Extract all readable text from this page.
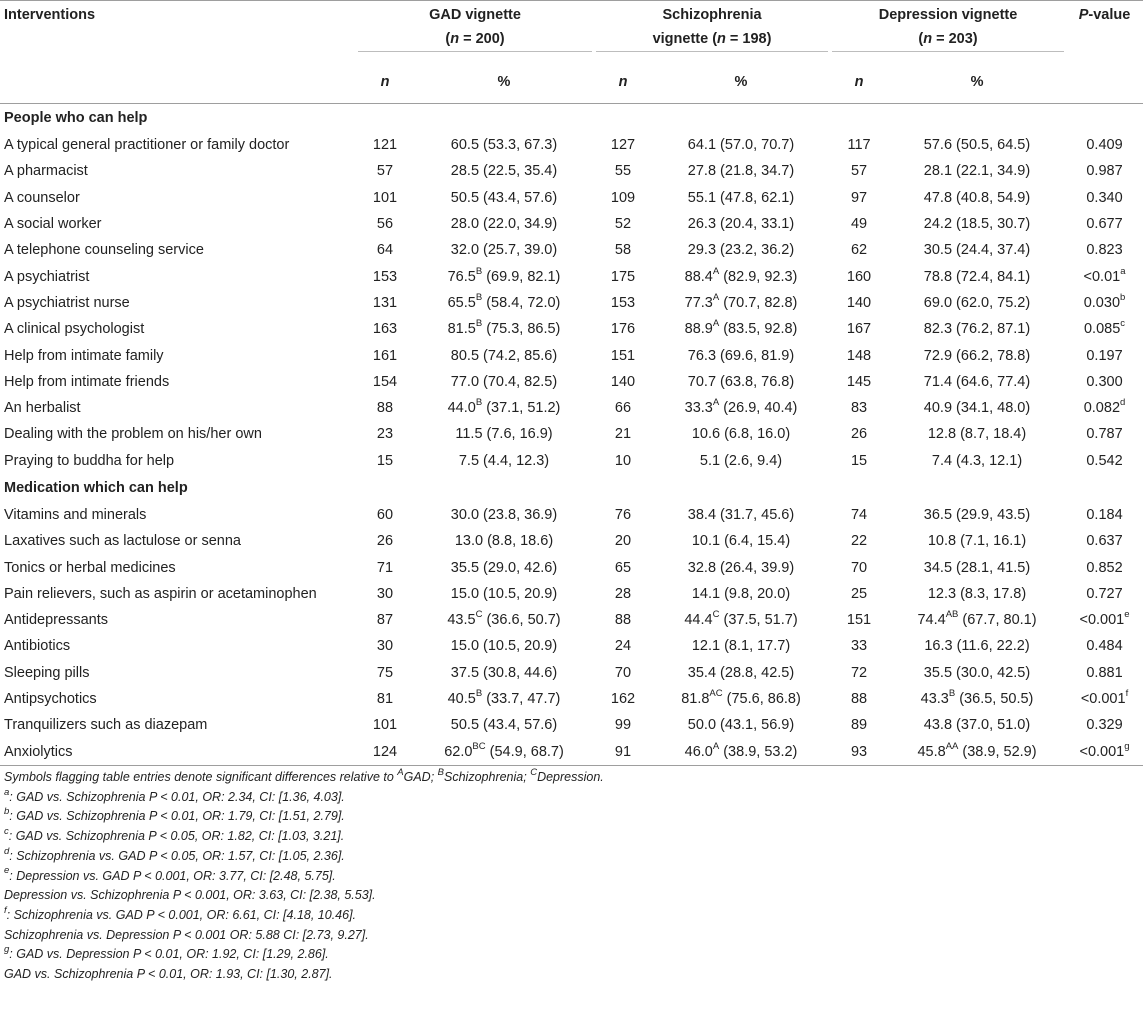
Interventions	GAD vignette		Schizophrenia		Depression vignette		P-value

	(n = 200)		vignette (n = 198)		(n = 203)		

	n	%	n	%	n	%	
People who can help							
A typical general practitioner or family doctor	121	60.5 (53.3, 67.3)	127	64.1 (57.0, 70.7)	117	57.6 (50.5, 64.5)	0.409
A pharmacist	57	28.5 (22.5, 35.4)	55	27.8 (21.8, 34.7)	57	28.1 (22.1, 34.9)	0.987
A counselor	101	50.5 (43.4, 57.6)	109	55.1 (47.8, 62.1)	97	47.8 (40.8, 54.9)	0.340
A social worker	56	28.0 (22.0, 34.9)	52	26.3 (20.4, 33.1)	49	24.2 (18.5, 30.7)	0.677
A telephone counseling service	64	32.0 (25.7, 39.0)	58	29.3 (23.2, 36.2)	62	30.5 (24.4, 37.4)	0.823
A psychiatrist	153	$76.5^B$ (69.9, 82.1)	175	$88.4^A$ (82.9, 92.3)	160	78.8 (72.4, 84.1)	<0.01$^a$
A psychiatrist nurse	131	$65.5^B$ (58.4, 72.0)	153	$77.3^A$ (70.7, 82.8)	140	69.0 (62.0, 75.2)	0.030$^b$
A clinical psychologist	163	$81.5^B$ (75.3, 86.5)	176	$88.9^A$ (83.5, 92.8)	167	82.3 (76.2, 87.1)	0.085$^c$
Help from intimate family	161	80.5 (74.2, 85.6)	151	76.3 (69.6, 81.9)	148	72.9 (66.2, 78.8)	0.197
Help from intimate friends	154	77.0 (70.4, 82.5)	140	70.7 (63.8, 76.8)	145	71.4 (64.6, 77.4)	0.300
An herbalist	88	$44.0^B$ (37.1, 51.2)	66	$33.3^A$ (26.9, 40.4)	83	40.9 (34.1, 48.0)	0.082$^d$
Dealing with the problem on his/her own	23	11.5 (7.6, 16.9)	21	10.6 (6.8, 16.0)	26	12.8 (8.7, 18.4)	0.787
Praying to buddha for help	15	7.5 (4.4, 12.3)	10	5.1 (2.6, 9.4)	15	7.4 (4.3, 12.1)	0.542
Medication which can help							
Vitamins and minerals	60	30.0 (23.8, 36.9)	76	38.4 (31.7, 45.6)	74	36.5 (29.9, 43.5)	0.184
Laxatives such as lactulose or senna	26	13.0 (8.8, 18.6)	20	10.1 (6.4, 15.4)	22	10.8 (7.1, 16.1)	0.637
Tonics or herbal medicines	71	35.5 (29.0, 42.6)	65	32.8 (26.4, 39.9)	70	34.5 (28.1, 41.5)	0.852
Pain relievers, such as aspirin or acetaminophen	30	15.0 (10.5, 20.9)	28	14.1 (9.8, 20.0)	25	12.3 (8.3, 17.8)	0.727
Antidepressants	87	$43.5^C$ (36.6, 50.7)	88	$44.4^C$ (37.5, 51.7)	151	$74.4^{AB}$ (67.7, 80.1)	<0.001$^e$
Antibiotics	30	15.0 (10.5, 20.9)	24	12.1 (8.1, 17.7)	33	16.3 (11.6, 22.2)	0.484
Sleeping pills	75	37.5 (30.8, 44.6)	70	35.4 (28.8, 42.5)	72	35.5 (30.0, 42.5)	0.881
Antipsychotics	81	$40.5^B$ (33.7, 47.7)	162	$81.8^{AC}$ (75.6, 86.8)	88	$43.3^B$ (36.5, 50.5)	<0.001$^f$
Tranquilizers such as diazepam	101	50.5 (43.4, 57.6)	99	50.0 (43.1, 56.9)	89	43.8 (37.0, 51.0)	0.329
Anxiolytics	124	$62.0^{BC}$ (54.9, 68.7)	91	$46.0^A$ (38.9, 53.2)	93	$45.8^{AA}$ (38.9, 52.9)	<0.001$^g$
Symbols flagging table entries denote significant differences relative to $^A$GAD; $^B$Schizophrenia; $^C$Depression.
$^a$: GAD vs. Schizophrenia P < 0.01, OR: 2.34, CI: [1.36, 4.03].
$^b$: GAD vs. Schizophrenia P < 0.01, OR: 1.79, CI: [1.51, 2.79].
$^c$: GAD vs. Schizophrenia P < 0.05, OR: 1.82, CI: [1.03, 3.21].
$^d$: Schizophrenia vs. GAD P < 0.05, OR: 1.57, CI: [1.05, 2.36].
$^e$: Depression vs. GAD P < 0.001, OR: 3.77, CI: [2.48, 5.75].
Depression vs. Schizophrenia P < 0.001, OR: 3.63, CI: [2.38, 5.53].
$^f$: Schizophrenia vs. GAD P < 0.001, OR: 6.61, CI: [4.18, 10.46].
Schizophrenia vs. Depression P < 0.001 OR: 5.88 CI: [2.73, 9.27].
$^g$: GAD vs. Depression P < 0.01, OR: 1.92, CI: [1.29, 2.86].
GAD vs. Schizophrenia P < 0.01, OR: 1.93, CI: [1.30, 2.87].
